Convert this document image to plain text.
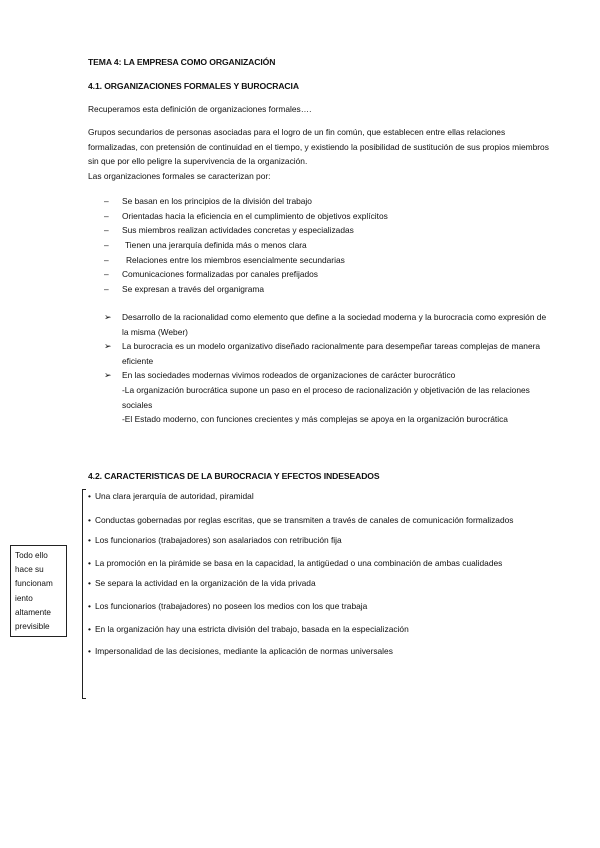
TEMA 4: LA EMPRESA COMO ORGANIZACIÓN
4.1. ORGANIZACIONES FORMALES Y BUROCRACIA
Recuperamos esta definición de organizaciones formales….
Grupos secundarios de personas asociadas para el logro de un fin común, que establecen entre ellas relaciones formalizadas, con pretensión de continuidad en el tiempo, y existiendo la posibilidad de sustitución de sus propios miembros sin que por ello peligre la supervivencia de la organización.
Las organizaciones formales se caracterizan por:
– Se basan en los principios de la división del trabajo
– Orientadas hacia la eficiencia en el cumplimiento de objetivos explícitos
– Sus miembros realizan actividades concretas y especializadas
– Tienen una jerarquía definida más o menos clara
– Relaciones entre los miembros esencialmente secundarias
– Comunicaciones formalizadas por canales prefijados
– Se expresan a través del organigrama
➢ Desarrollo de la racionalidad como elemento que define a la sociedad moderna y la burocracia como expresión de la misma (Weber)
➢ La burocracia es un modelo organizativo diseñado racionalmente para desempeñar tareas complejas de manera eficiente
➢ En las sociedades modernas vivimos rodeados de organizaciones de carácter burocrático
-La organización burocrática supone un paso en el proceso de racionalización y objetivación de las relaciones sociales
-El Estado moderno, con funciones crecientes y más complejas se apoya en la organización burocrática
4.2. CARACTERISTICAS DE LA BUROCRACIA Y EFECTOS INDESEADOS
• Una clara jerarquía de autoridad, piramidal
• Conductas gobernadas por reglas escritas, que se transmiten a través de canales de comunicación formalizados
• Los funcionarios (trabajadores) son asalariados con retribución fija
• La promoción en la pirámide se basa en la capacidad, la antigüedad o una combinación de ambas cualidades
• Se separa la actividad en la organización de la vida privada
• Los funcionarios (trabajadores) no poseen los medios con los que trabaja
• En la organización hay una estricta división del trabajo, basada en la especialización
• Impersonalidad de las decisiones, mediante la aplicación de normas universales
Todo ello
hace su
funcionam
iento
altamente
previsible
